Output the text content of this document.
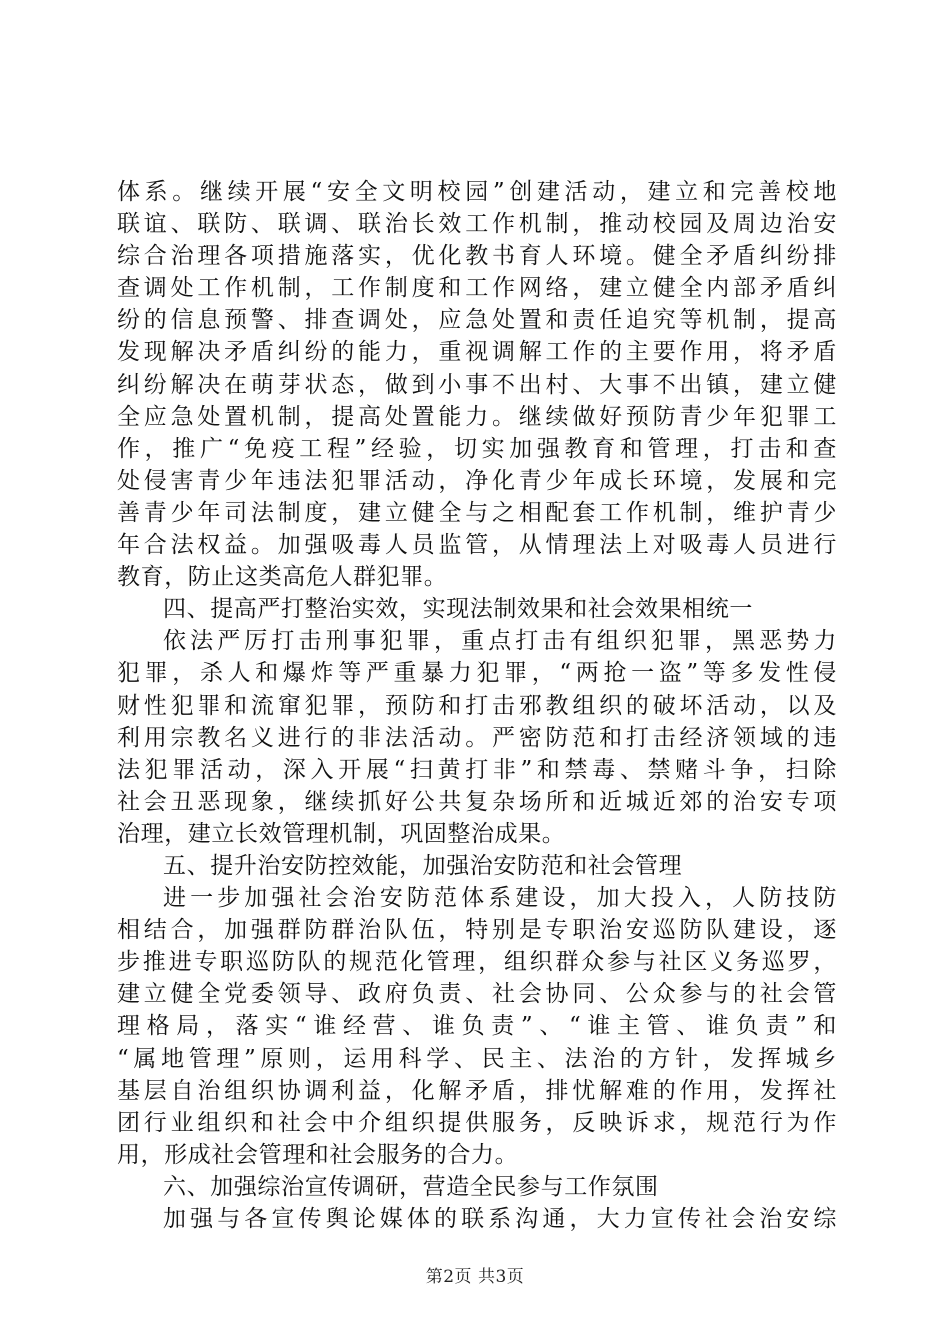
体系。继续开展“安全文明校园”创建活动，建立和完善校地
联谊、联防、联调、联治长效工作机制，推动校园及周边治安
综合治理各项措施落实，优化教书育人环境。健全矛盾纠纷排
查调处工作机制，工作制度和工作网络，建立健全内部矛盾纠
纷的信息预警、排查调处，应急处置和责任追究等机制，提高
发现解决矛盾纠纷的能力，重视调解工作的主要作用，将矛盾
纠纷解决在萌芽状态，做到小事不出村、大事不出镇，建立健
全应急处置机制，提高处置能力。继续做好预防青少年犯罪工
作，推广“免疫工程”经验，切实加强教育和管理，打击和查
处侵害青少年违法犯罪活动，净化青少年成长环境，发展和完
善青少年司法制度，建立健全与之相配套工作机制，维护青少
年合法权益。加强吸毒人员监管，从情理法上对吸毒人员进行
教育，防止这类高危人群犯罪。
四、提高严打整治实效，实现法制效果和社会效果相统一
依法严厉打击刑事犯罪，重点打击有组织犯罪，黑恶势力
犯罪，杀人和爆炸等严重暴力犯罪，“两抢一盗”等多发性侵
财性犯罪和流窜犯罪，预防和打击邪教组织的破坏活动，以及
利用宗教名义进行的非法活动。严密防范和打击经济领域的违
法犯罪活动，深入开展“扫黄打非”和禁毒、禁赌斗争，扫除
社会丑恶现象，继续抓好公共复杂场所和近城近郊的治安专项
治理，建立长效管理机制，巩固整治成果。
五、提升治安防控效能，加强治安防范和社会管理
进一步加强社会治安防范体系建设，加大投入，人防技防
相结合，加强群防群治队伍，特别是专职治安巡防队建设，逐
步推进专职巡防队的规范化管理，组织群众参与社区义务巡罗，
建立健全党委领导、政府负责、社会协同、公众参与的社会管
理格局，落实“谁经营、谁负责”、“谁主管、谁负责”和
“属地管理”原则，运用科学、民主、法治的方针，发挥城乡
基层自治组织协调利益，化解矛盾，排忧解难的作用，发挥社
团行业组织和社会中介组织提供服务，反映诉求，规范行为作
用，形成社会管理和社会服务的合力。
六、加强综治宣传调研，营造全民参与工作氛围
加强与各宣传舆论媒体的联系沟通，大力宣传社会治安综
第2页 共3页
